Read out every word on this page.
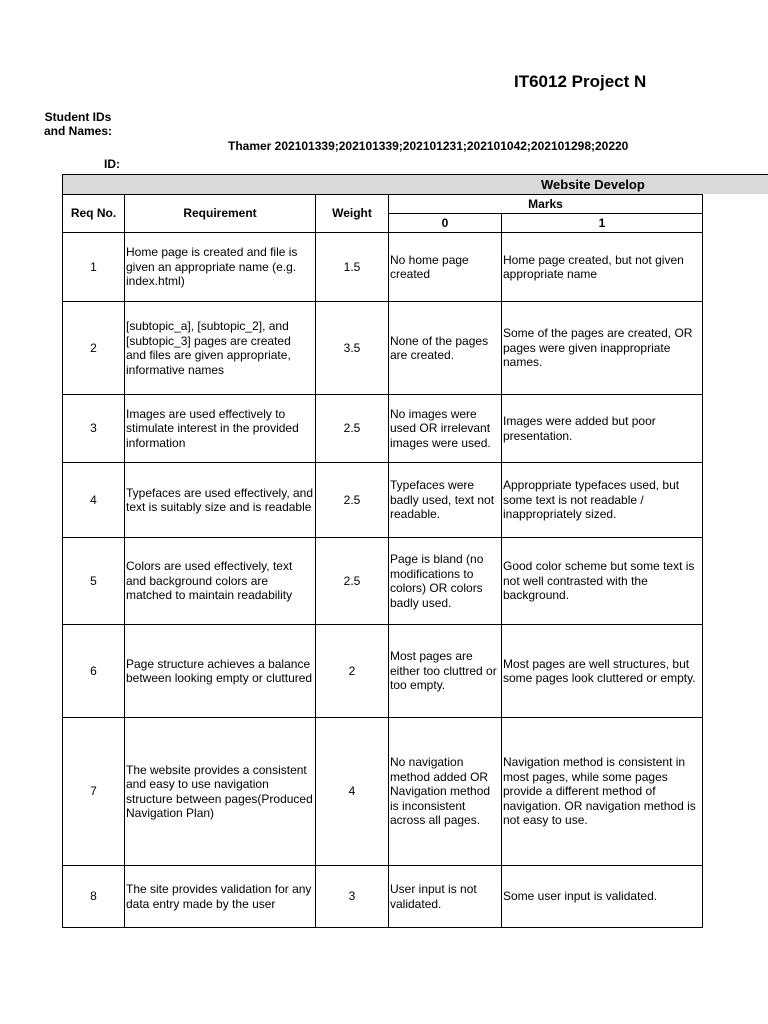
IT6012 Project N
Student IDs and Names:
Thamer 202101339;202101339;202101231;202101042;202101298;20220
ID:
Website Develop
Req No.	Requirement	Weight	Marks	
			0	1
1	Home page is created and file is given an appropriate name (e.g. index.html)	1.5	No home page created	Home page created, but not given appropriate name
2	[subtopic_a], [subtopic_2], and [subtopic_3] pages are created and files are given appropriate, informative names	3.5	None of the pages are created.	Some of the pages are created, OR pages were given inappropriate names.
3	Images are used effectively to stimulate interest in the provided information	2.5	No images were used OR irrelevant images were used.	Images were added but poor presentation.
4	Typefaces are used effectively, and text is suitably size and is readable	2.5	Typefaces were badly used, text not readable.	Approppriate typefaces used, but some text is not readable / inappropriately sized.
5	Colors are used effectively, text and background colors are matched to maintain readability	2.5	Page is bland (no modifications to colors) OR colors badly used.	Good color scheme but some text is not well contrasted with the background.
6	Page structure achieves a balance between looking empty or cluttured	2	Most pages are either too cluttred or too empty.	Most pages are well structures, but some pages look cluttered or empty.
7	The website provides a consistent and easy to use navigation structure between pages(Produced Navigation Plan)	4	No navigation method added OR Navigation method is inconsistent across all pages.	Navigation method is consistent in most pages, while some pages provide a different method of navigation. OR navigation method is not easy to use.
8	The site provides validation for any data entry made by the user	3	User input is not validated.	Some user input is validated.
